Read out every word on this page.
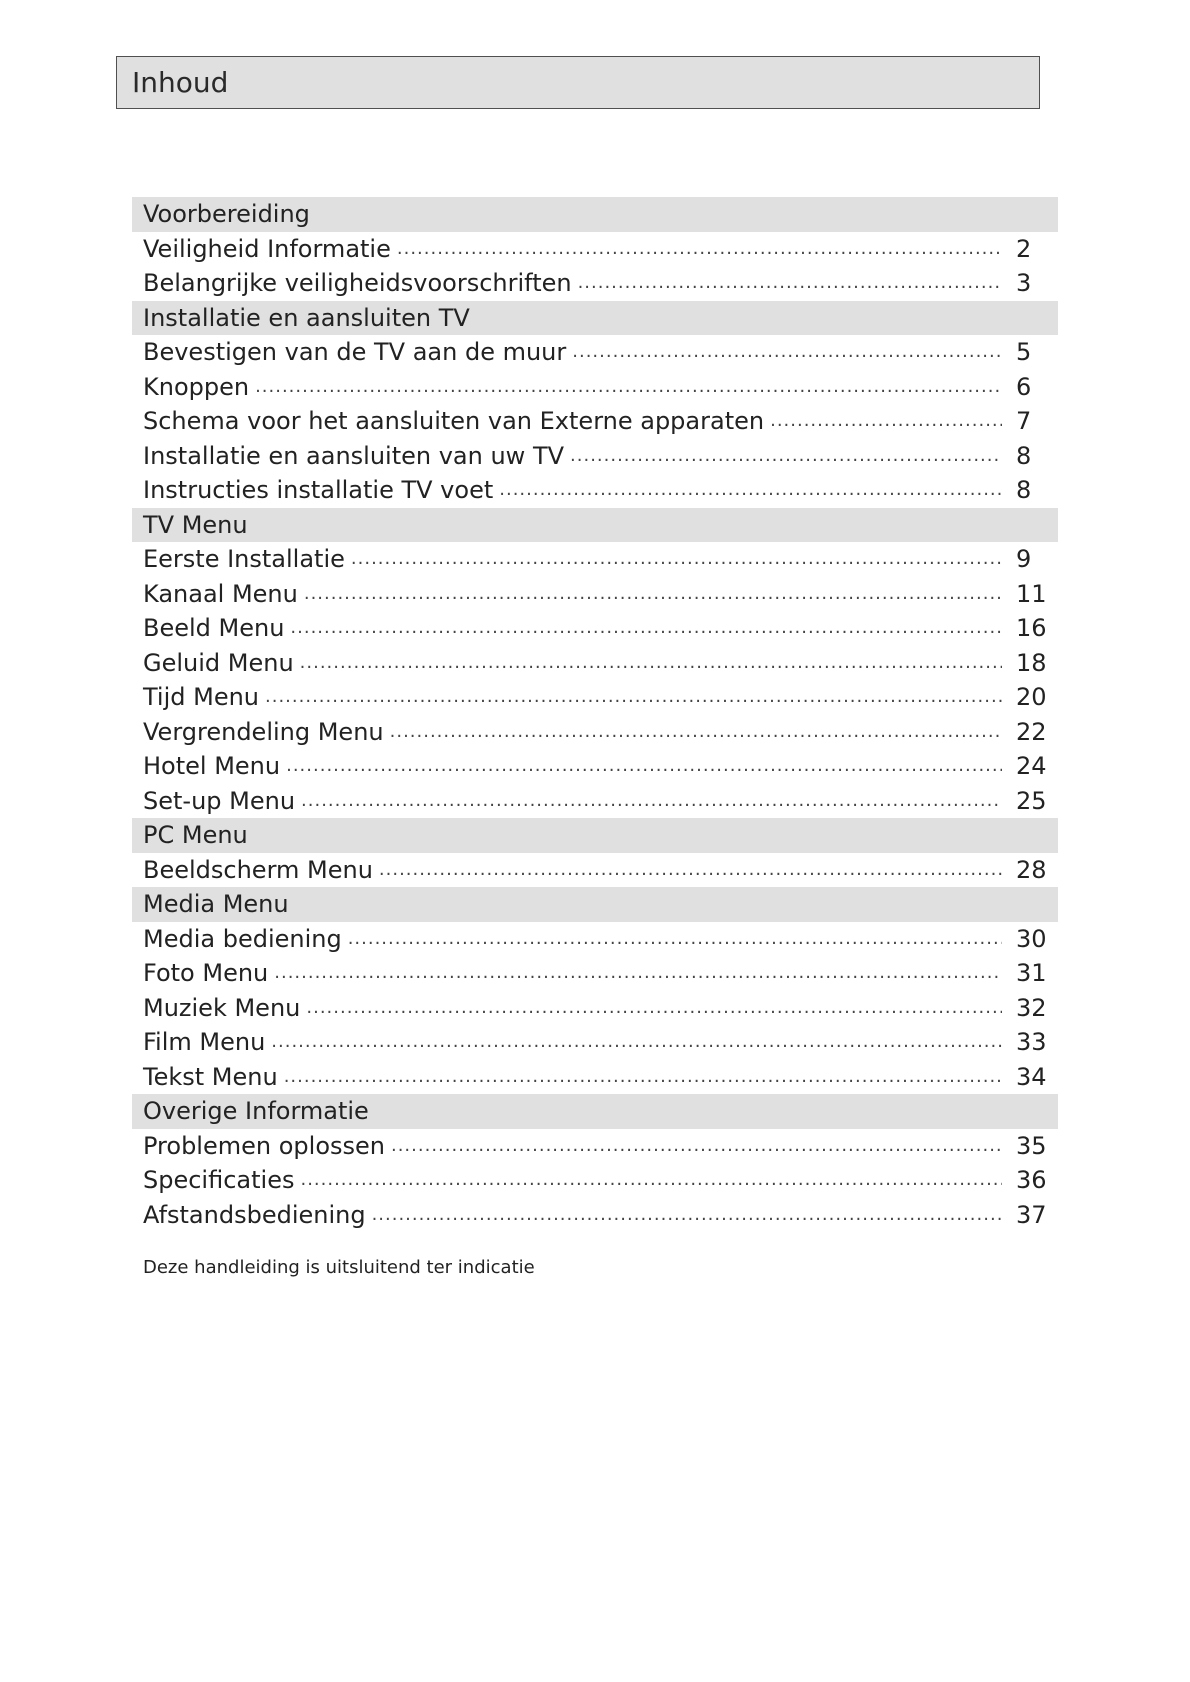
Inhoud
Voorbereiding
Veiligheid Informatie .....	2
Belangrijke veiligheidsvoorschriften .....	3
Installatie en aansluiten TV
Bevestigen van de TV aan de muur .....	5
Knoppen .....	6
Schema voor het aansluiten van Externe apparaten .....	7
Installatie en aansluiten van uw TV .....	8
Instructies installatie TV voet .....	8
TV Menu
Eerste Installatie .....	9
Kanaal Menu .....	11
Beeld Menu .....	16
Geluid Menu .....	18
Tijd Menu .....	20
Vergrendeling Menu .....	22
Hotel Menu .....	24
Set-up Menu .....	25
PC Menu
Beeldscherm Menu .....	28
Media Menu
Media bediening .....	30
Foto Menu .....	31
Muziek Menu .....	32
Film Menu .....	33
Tekst Menu .....	34
Overige Informatie
Problemen oplossen .....	35
Specificaties .....	36
Afstandsbediening .....	37
Deze handleiding is uitsluitend ter indicatie
